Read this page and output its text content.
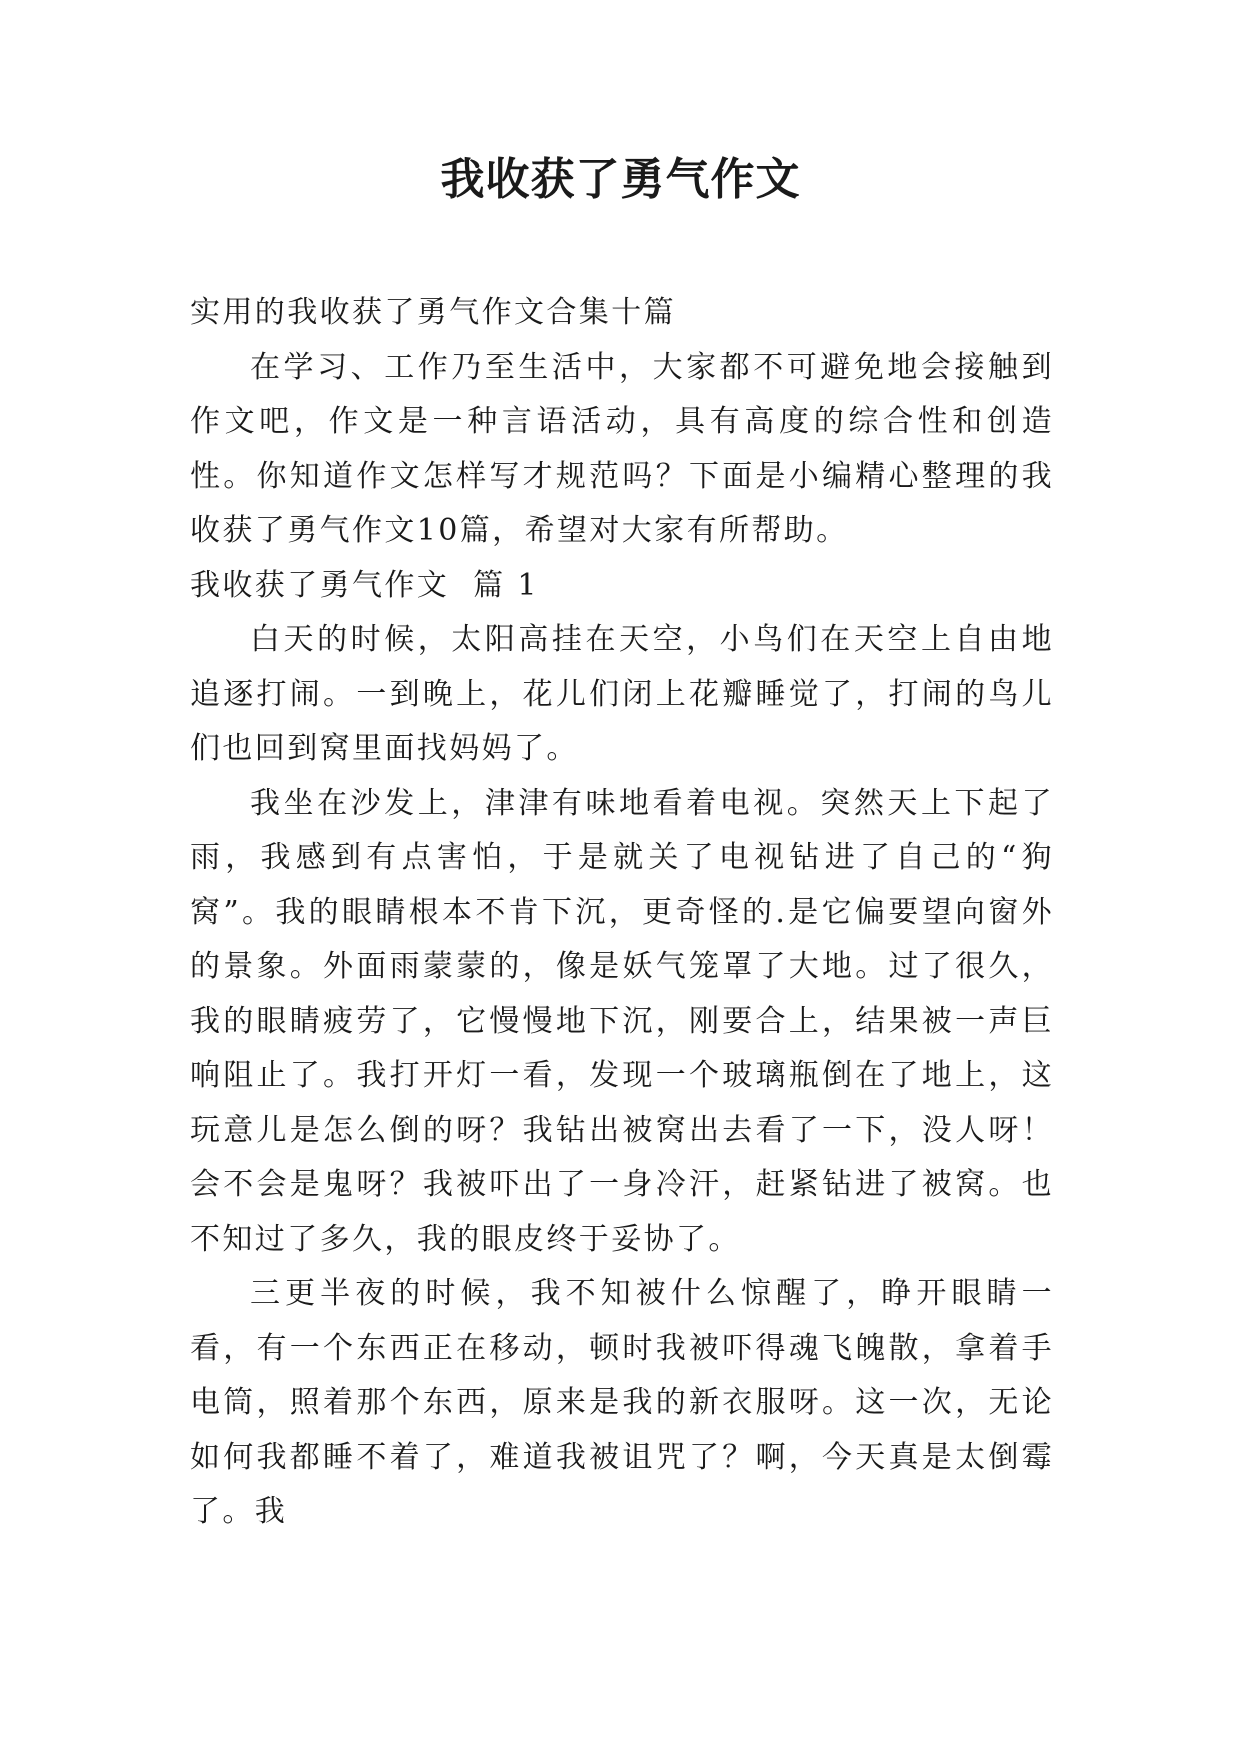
我收获了勇气作文

实用的我收获了勇气作文合集十篇

在学习、工作乃至生活中，大家都不可避免地会接触到作文吧，作文是一种言语活动，具有高度的综合性和创造性。你知道作文怎样写才规范吗？下面是小编精心整理的我收获了勇气作文10篇，希望对大家有所帮助。

我收获了勇气作文  篇 1

白天的时候，太阳高挂在天空，小鸟们在天空上自由地追逐打闹。一到晚上，花儿们闭上花瓣睡觉了，打闹的鸟儿们也回到窝里面找妈妈了。

我坐在沙发上，津津有味地看着电视。突然天上下起了雨，我感到有点害怕，于是就关了电视钻进了自己的“狗窝”。我的眼睛根本不肯下沉，更奇怪的.是它偏要望向窗外的景象。外面雨蒙蒙的，像是妖气笼罩了大地。过了很久，我的眼睛疲劳了，它慢慢地下沉，刚要合上，结果被一声巨响阻止了。我打开灯一看，发现一个玻璃瓶倒在了地上，这玩意儿是怎么倒的呀？我钻出被窝出去看了一下，没人呀！会不会是鬼呀？我被吓出了一身冷汗，赶紧钻进了被窝。也不知过了多久，我的眼皮终于妥协了。

三更半夜的时候，我不知被什么惊醒了，睁开眼睛一看，有一个东西正在移动，顿时我被吓得魂飞魄散，拿着手电筒，照着那个东西，原来是我的新衣服呀。这一次，无论如何我都睡不着了，难道我被诅咒了？啊，今天真是太倒霉了。我
